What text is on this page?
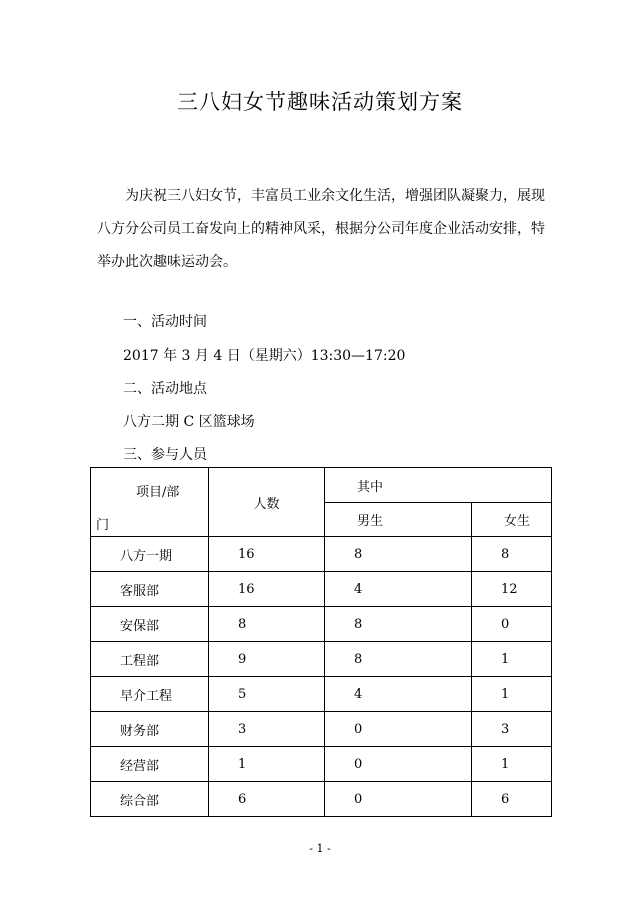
三八妇女节趣味活动策划方案
为庆祝三八妇女节，丰富员工业余文化生活，增强团队凝聚力，展现八方分公司员工奋发向上的精神风采，根据分公司年度企业活动安排，特举办此次趣味运动会。
一、活动时间
2017 年 3 月 4 日（星期六）13:30—17:20
二、活动地点
八方二期 C 区篮球场
三、参与人员
项目/部
门	人数	其中	
		男生	女生
八方一期	16	8	8
客服部	16	4	12
安保部	8	8	0
工程部	9	8	1
早介工程	5	4	1
财务部	3	0	3
经营部	1	0	1
综合部	6	0	6
- 1 -
